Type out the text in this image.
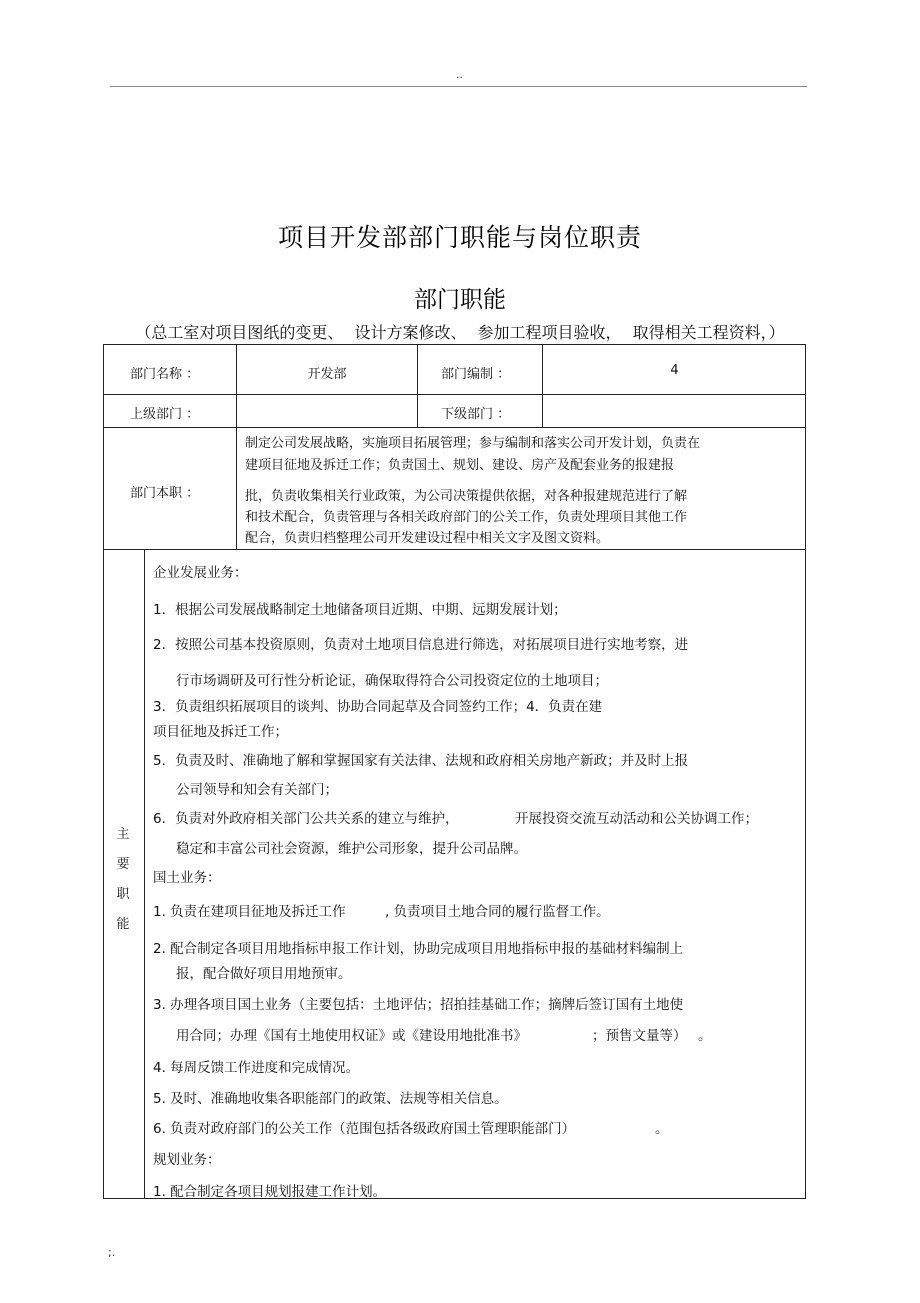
..
项目开发部部门职能与岗位职责
部门职能
（总工室对项目图纸的变更、 设计方案修改、 参加工程项目验收， 取得相关工程资料，）
部门名称 ：	开发部	部门编制 ：	4
上级部门 ：	下级部门 ：
部门本职 ：
制定公司发展战略，实施项目拓展管理；参与编制和落实公司开发计划，负责在
建项目征地及拆迁工作；负责国土、规划、建设、房产及配套业务的报建报
批，负责收集相关行业政策，为公司决策提供依据，对各种报建规范进行了解
和技术配合，负责管理与各相关政府部门的公关工作，负责处理项目其他工作
配合，负责归档整理公司开发建设过程中相关文字及图文资料。
主
要
职
能
企业发展业务：
1．根据公司发展战略制定土地储备项目近期、中期、远期发展计划；
2．按照公司基本投资原则，负责对土地项目信息进行筛选，对拓展项目进行实地考察，进
行市场调研及可行性分析论证，确保取得符合公司投资定位的土地项目；
3．负责组织拓展项目的谈判、协助合同起草及合同签约工作；4．负责在建
项目征地及拆迁工作；
5．负责及时、准确地了解和掌握国家有关法律、法规和政府相关房地产新政；并及时上报
公司领导和知会有关部门；
6．负责对外政府相关部门公共关系的建立与维护，	开展投资交流互动活动和公关协调工作；
稳定和丰富公司社会资源，维护公司形象，提升公司品牌。
国土业务：
1. 负责在建项目征地及拆迁工作	, 负责项目土地合同的履行监督工作。
2. 配合制定各项目用地指标申报工作计划，协助完成项目用地指标申报的基础材料编制上
报，配合做好项目用地预审。
3. 办理各项目国土业务（主要包括：土地评估；招拍挂基础工作；摘牌后签订国有土地使
用合同；办理《国有土地使用权证》或《建设用地批准书》	；预售文量等） 。
4. 每周反馈工作进度和完成情况。
5. 及时、准确地收集各职能部门的政策、法规等相关信息。
6. 负责对政府部门的公关工作（范围包括各级政府国土管理职能部门）	。
规划业务：
1. 配合制定各项目规划报建工作计划。
;.
